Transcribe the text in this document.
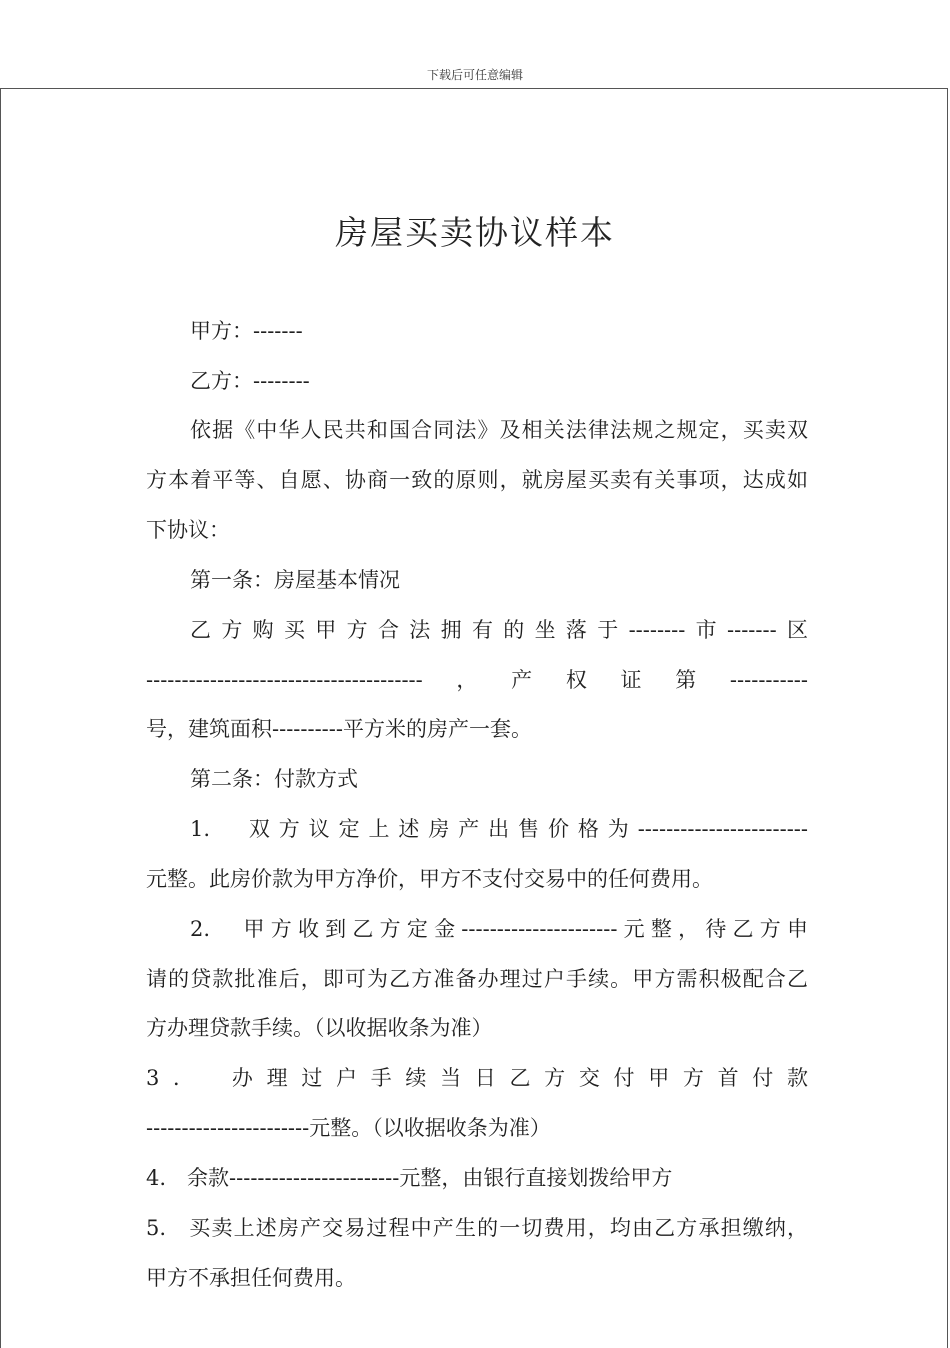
下载后可任意编辑
房屋买卖协议样本
甲方：-------
乙方：--------
依据《中华人民共和国合同法》及相关法律法规之规定，买卖双
方本着平等、自愿、协商一致的原则，就房屋买卖有关事项，达成如
下协议：
第一条：房屋基本情况
乙方购买甲方合法拥有的坐落于--------市-------区
---------------------------------------，产权证第-----------
号，建筑面积----------平方米的房产一套。
第二条：付款方式
1.　双方议定上述房产出售价格为------------------------
元整。此房价款为甲方净价，甲方不支付交易中的任何费用。
2.　甲方收到乙方定金----------------------元整，待乙方申
请的贷款批准后，即可为乙方准备办理过户手续。甲方需积极配合乙
方办理贷款手续。（以收据收条为准）
3．　办理过户手续当日乙方交付甲方首付款
-----------------------元整。（以收据收条为准）
4.　余款------------------------元整，由银行直接划拨给甲方
5.　买卖上述房产交易过程中产生的一切费用，均由乙方承担缴纳，
甲方不承担任何费用。
